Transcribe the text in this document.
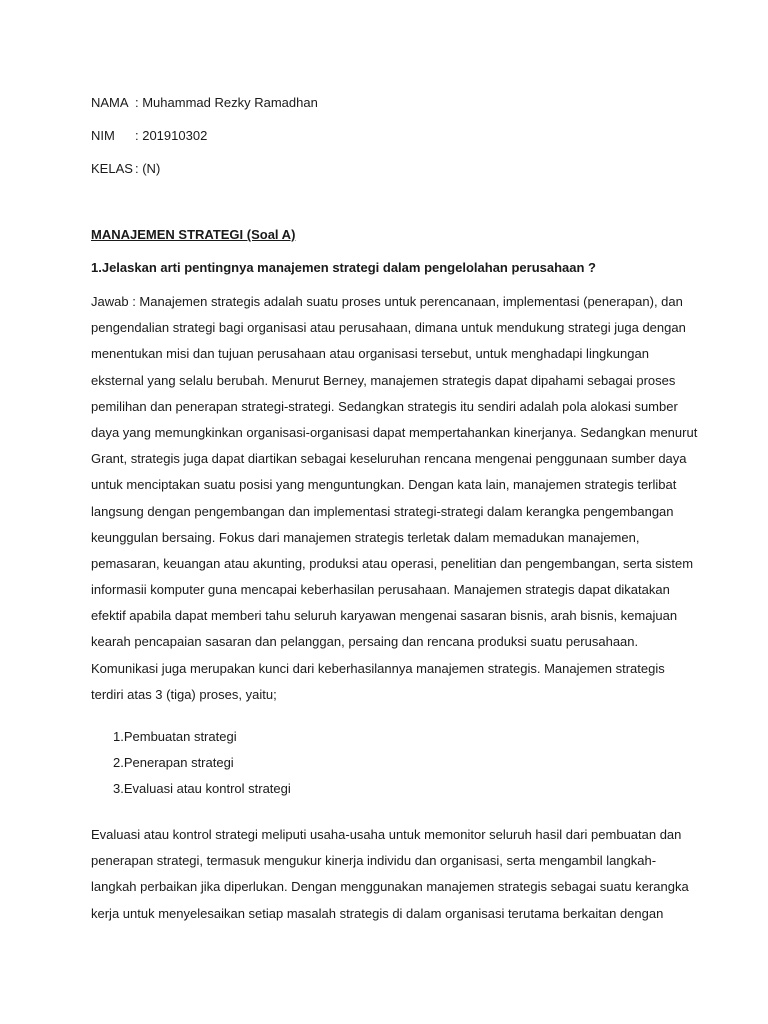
NAMA : Muhammad Rezky Ramadhan
NIM	: 201910302
KELAS : (N)
MANAJEMEN STRATEGI (Soal A)
1.Jelaskan arti pentingnya manajemen strategi dalam pengelolahan perusahaan ?
Jawab : Manajemen strategis adalah suatu proses untuk perencanaan, implementasi (penerapan), dan
pengendalian strategi bagi organisasi atau perusahaan, dimana untuk mendukung strategi juga dengan
menentukan misi dan tujuan perusahaan atau organisasi tersebut, untuk menghadapi lingkungan
eksternal yang selalu berubah. Menurut Berney, manajemen strategis dapat dipahami sebagai proses
pemilihan dan penerapan strategi-strategi. Sedangkan strategis itu sendiri adalah pola alokasi sumber
daya yang memungkinkan organisasi-organisasi dapat mempertahankan kinerjanya. Sedangkan menurut
Grant, strategis juga dapat diartikan sebagai keseluruhan rencana mengenai penggunaan sumber daya
untuk menciptakan suatu posisi yang menguntungkan. Dengan kata lain, manajemen strategis terlibat
langsung dengan pengembangan dan implementasi strategi-strategi dalam kerangka pengembangan
keunggulan bersaing. Fokus dari manajemen strategis terletak dalam memadukan manajemen,
pemasaran, keuangan atau akunting, produksi atau operasi, penelitian dan pengembangan, serta sistem
informasii komputer guna mencapai keberhasilan perusahaan. Manajemen strategis dapat dikatakan
efektif apabila dapat memberi tahu seluruh karyawan mengenai sasaran bisnis, arah bisnis, kemajuan
kearah pencapaian sasaran dan pelanggan, persaing dan rencana produksi suatu perusahaan.
Komunikasi juga merupakan kunci dari keberhasilannya manajemen strategis. Manajemen strategis
terdiri atas 3 (tiga) proses, yaitu;
1.Pembuatan strategi
2.Penerapan strategi
3.Evaluasi atau kontrol strategi
Evaluasi atau kontrol strategi meliputi usaha-usaha untuk memonitor seluruh hasil dari pembuatan dan
penerapan strategi, termasuk mengukur kinerja individu dan organisasi, serta mengambil langkah-
langkah perbaikan jika diperlukan. Dengan menggunakan manajemen strategis sebagai suatu kerangka
kerja untuk menyelesaikan setiap masalah strategis di dalam organisasi terutama berkaitan dengan
